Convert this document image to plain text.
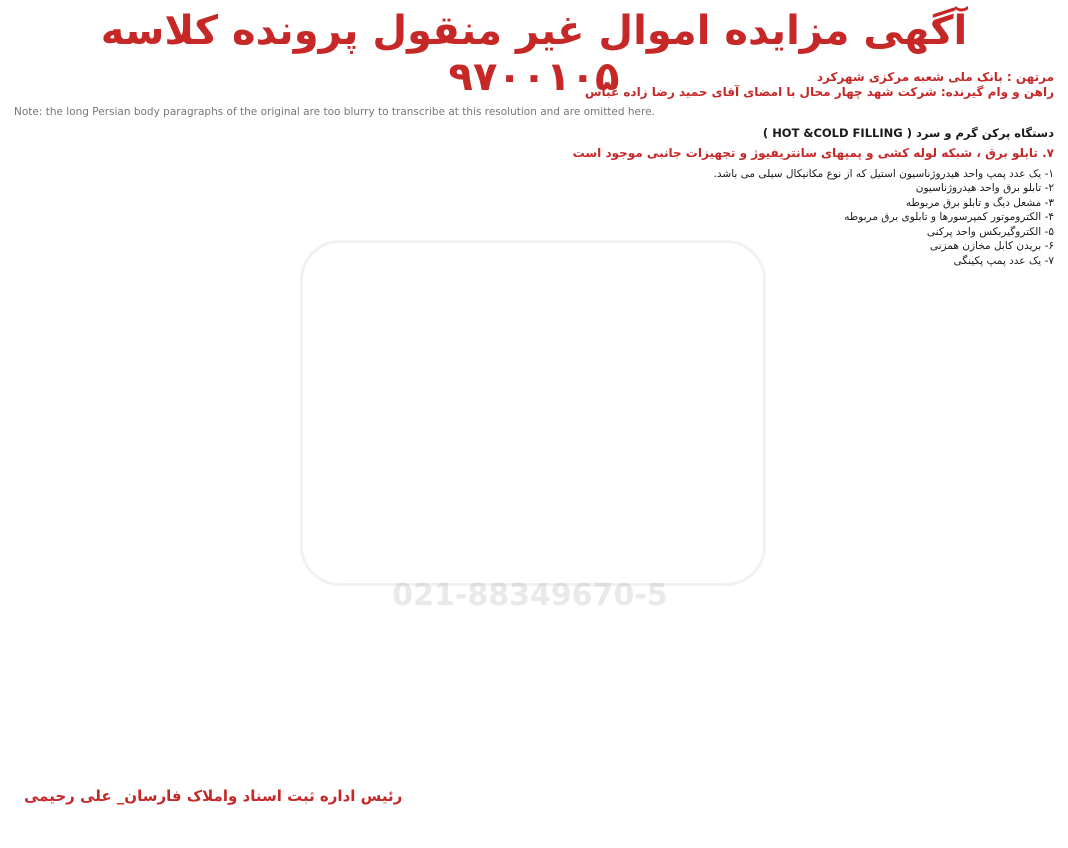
021-88349670-5
آگهی مزایده اموال غیر منقول پرونده کلاسه ۹۷۰۰۱۰۵	مرتهن : بانک ملی شعبه مرکزی شهرکرد
راهن و وام گیرنده: شرکت شهد چهار محال با امضای آقای حمید رضا زاده عباس
Note: the long Persian body paragraphs of the original are too blurry to transcribe at this resolution and are omitted here.
دستگاه پرکن گرم و سرد ( HOT &COLD FILLING )
۷. تابلو برق ، شبکه لوله کشی و پمپهای سانتریفیوژ و تجهیزات جانبی موجود است

۱- یک عدد پمپ واحد هیدروژناسیون استیل که از نوع مکانیکال سیلی می باشد.

۲- تابلو برق واحد هیدروژناسیون

۳- مشعل دیگ و تابلو برق مربوطه

۴- الکتروموتور کمپرسورها و تابلوی برق مربوطه

۵- الکتروگیربکس واحد پرکنی

۶- بریدن کابل مخازن همزنی

۷- یک عدد پمپ پکینگی

رئیس اداره ثبت اسناد واملاک فارسان_ علی رحیمی
